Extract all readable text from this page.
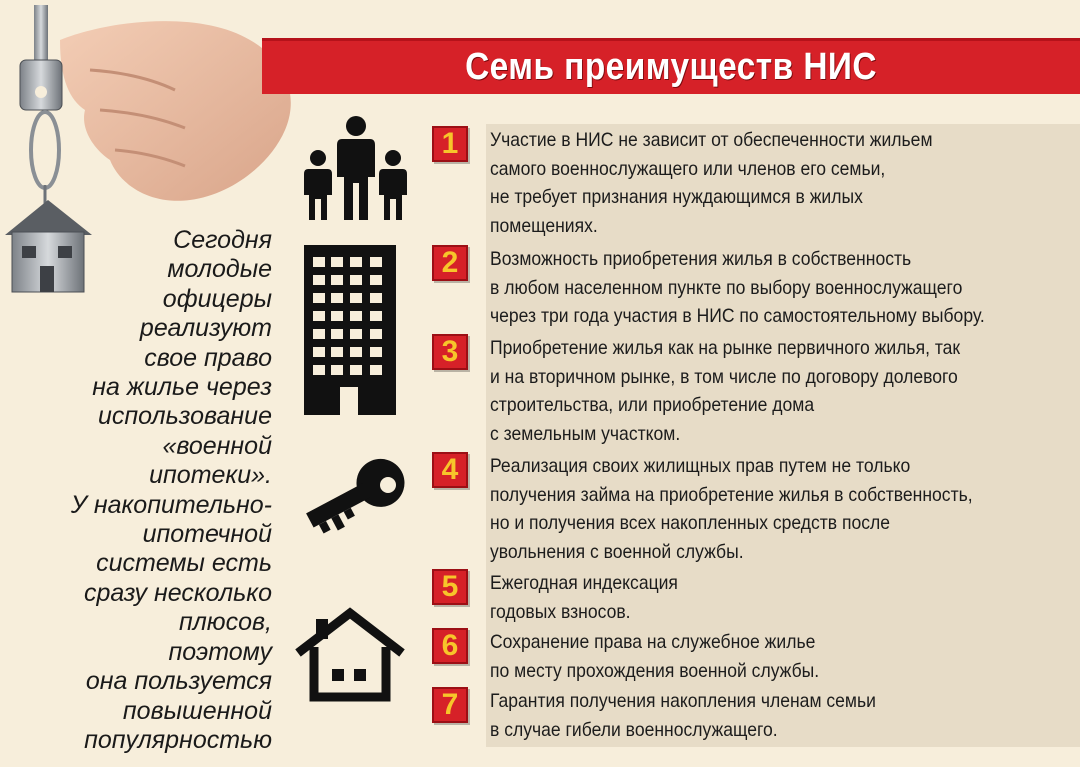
Семь преимуществ НИС

Сегодня

молодые

офицеры

реализуют

свое право

на жилье через

использование

«военной

ипотеки».

У накопительно-

ипотечной

системы есть

сразу несколько

плюсов,

поэтому

она пользуется

повышенной

популярностью

1	Участие в НИС не зависит от обеспеченности жильем
самого военнослужащего или членов его семьи,
не требует признания нуждающимся в жилых
помещениях.
2	Возможность приобретения жилья в собственность
в любом населенном пункте по выбору военнослужащего
через три года участия в НИС по самостоятельному выбору.
3	Приобретение жилья как на рынке первичного жилья, так
и на вторичном рынке, в том числе по договору долевого
строительства, или приобретение дома
с земельным участком.
4	Реализация своих жилищных прав путем не только
получения займа на приобретение жилья в собственность,
но и получения всех накопленных средств после
увольнения с военной службы.
5	Ежегодная индексация
годовых взносов.
6	Сохранение права на служебное жилье
по месту прохождения военной службы.
7	Гарантия получения накопления членам семьи
в случае гибели военнослужащего.
